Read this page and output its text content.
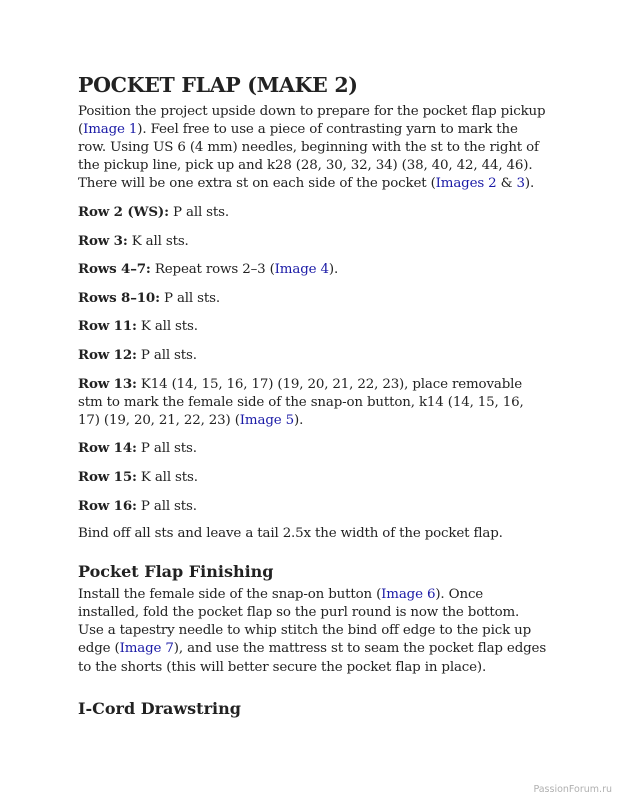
POCKET FLAP (MAKE 2)

Position the project upside down to prepare for the pocket flap pickup (Image 1). Feel free to use a piece of contrasting yarn to mark the row. Using US 6 (4 mm) needles, beginning with the st to the right of the pickup line, pick up and k28 (28, 30, 32, 34) (38, 40, 42, 44, 46). There will be one extra st on each side of the pocket (Images 2 & 3).

Row 2 (WS): P all sts.

Row 3: K all sts.

Rows 4–7: Repeat rows 2–3 (Image 4).

Rows 8–10: P all sts.

Row 11: K all sts.

Row 12: P all sts.

Row 13: K14 (14, 15, 16, 17) (19, 20, 21, 22, 23), place removable stm to mark the female side of the snap-on button, k14 (14, 15, 16, 17) (19, 20, 21, 22, 23) (Image 5).

Row 14: P all sts.

Row 15: K all sts.

Row 16: P all sts.

Bind off all sts and leave a tail 2.5x the width of the pocket flap.

Pocket Flap Finishing

Install the female side of the snap-on button (Image 6). Once installed, fold the pocket flap so the purl round is now the bottom. Use a tapestry needle to whip stitch the bind off edge to the pick up edge (Image 7), and use the mattress st to seam the pocket flap edges to the shorts (this will better secure the pocket flap in place).

I-Cord Drawstring
PassionForum.ru
